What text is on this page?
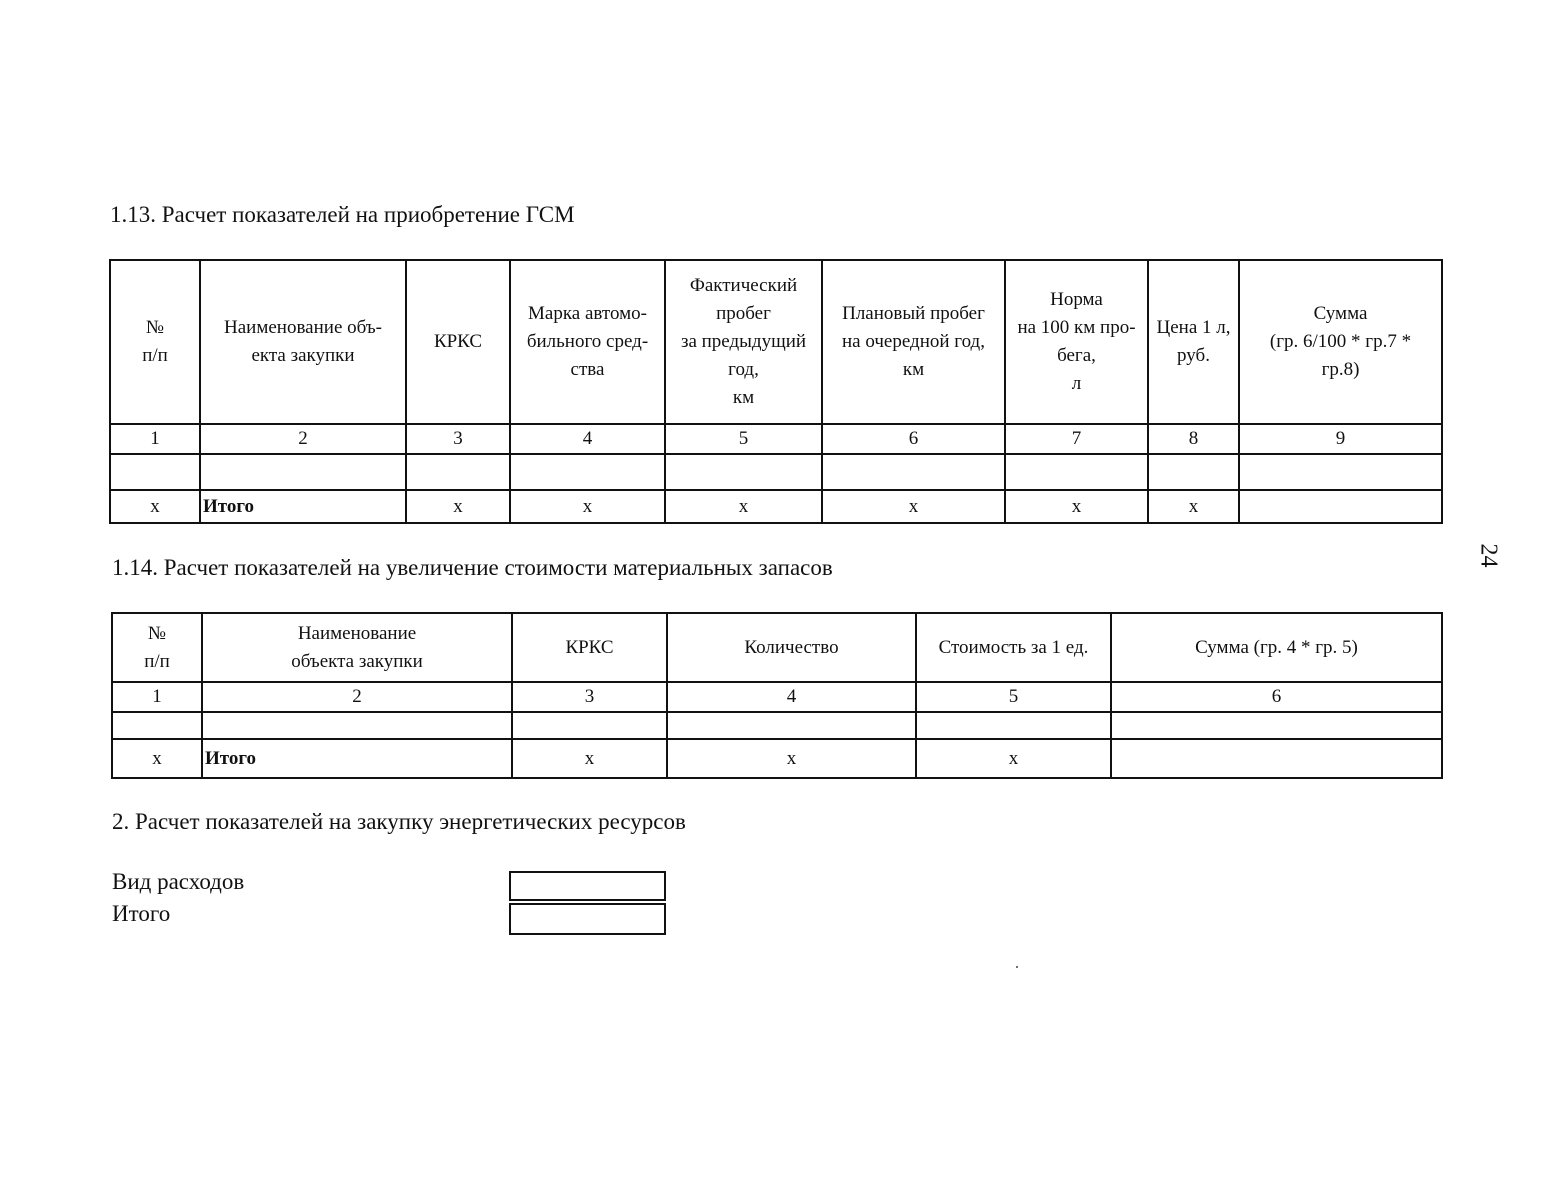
1.13. Расчет показателей на приобретение ГСМ
№
п/п	Наименование объ-
екта закупки	КРКС	Марка автомо-
бильного сред-
ства	Фактический
пробег
за предыдущий
год,
км	Плановый пробег
на очередной год,
км	Норма
на 100 км про-
бега,
л	Цена 1 л,
руб.	Сумма
(гр. 6/100 * гр.7 *
гр.8)
1	2	3	4	5	6	7	8	9

х	Итого	х	х	х	х	х	х	
24
1.14. Расчет показателей на увеличение стоимости материальных запасов
№
п/п	Наименование
объекта закупки	КРКС	Количество	Стоимость за 1 ед.	Сумма (гр. 4 * гр. 5)
1	2	3	4	5	6

х	Итого	х	х	х	
2. Расчет показателей на закупку энергетических ресурсов
Вид расходов
Итого
